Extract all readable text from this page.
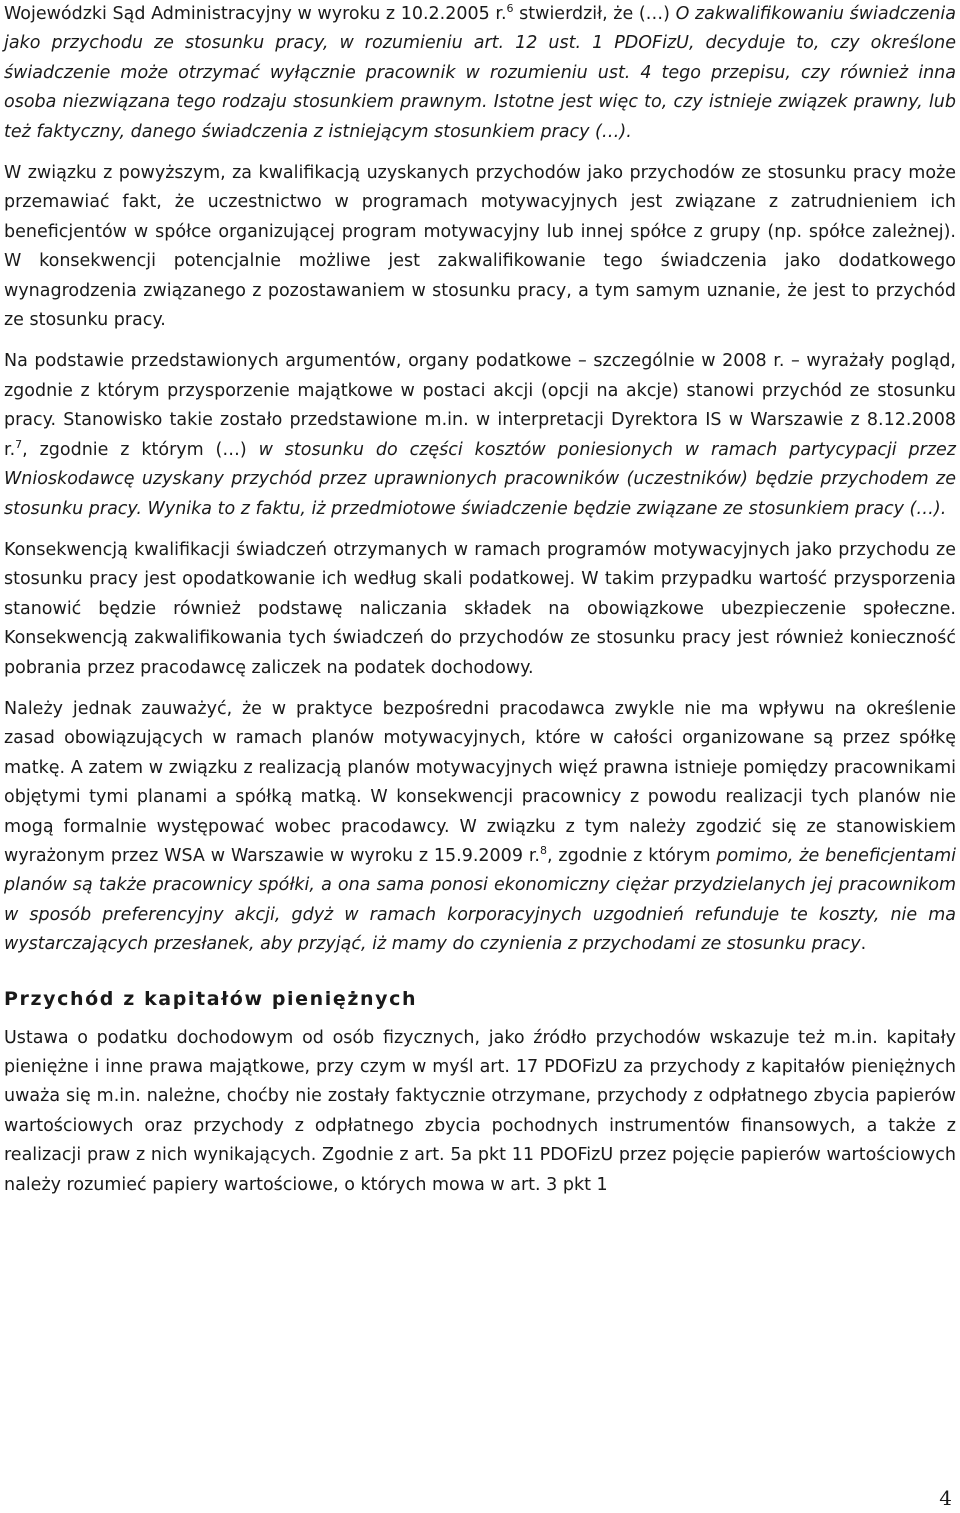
Wojewódzki Sąd Administracyjny w wyroku z 10.2.2005 r.$^6$ stwierdził, że (…) O zakwalifikowaniu świadczenia jako przychodu ze stosunku pracy, w rozumieniu art. 12 ust. 1 PDOFizU, decyduje to, czy określone świadczenie może otrzymać wyłącznie pracownik w rozumieniu ust. 4 tego przepisu, czy również inna osoba niezwiązana tego rodzaju stosunkiem prawnym. Istotne jest więc to, czy istnieje związek prawny, lub też faktyczny, danego świadczenia z istniejącym stosunkiem pracy (…).

W związku z powyższym, za kwalifikacją uzyskanych przychodów jako przychodów ze stosunku pracy może przemawiać fakt, że uczestnictwo w programach motywacyjnych jest związane z zatrudnieniem ich beneficjentów w spółce organizującej program motywacyjny lub innej spółce z grupy (np. spółce zależnej). W konsekwencji potencjalnie możliwe jest zakwalifikowanie tego świadczenia jako dodatkowego wynagrodzenia związanego z pozostawaniem w stosunku pracy, a tym samym uznanie, że jest to przychód ze stosunku pracy.

Na podstawie przedstawionych argumentów, organy podatkowe – szczególnie w 2008 r. – wyrażały pogląd, zgodnie z którym przysporzenie majątkowe w postaci akcji (opcji na akcje) stanowi przychód ze stosunku pracy. Stanowisko takie zostało przedstawione m.in. w interpretacji Dyrektora IS w Warszawie z 8.12.2008 r.$^7$, zgodnie z którym (…) w stosunku do części kosztów poniesionych w ramach partycypacji przez Wnioskodawcę uzyskany przychód przez uprawnionych pracowników (uczestników) będzie przychodem ze stosunku pracy. Wynika to z faktu, iż przedmiotowe świadczenie będzie związane ze stosunkiem pracy (…).

Konsekwencją kwalifikacji świadczeń otrzymanych w ramach programów motywacyjnych jako przychodu ze stosunku pracy jest opodatkowanie ich według skali podatkowej. W takim przypadku wartość przysporzenia stanowić będzie również podstawę naliczania składek na obowiązkowe ubezpieczenie społeczne. Konsekwencją zakwalifikowania tych świadczeń do przychodów ze stosunku pracy jest również konieczność pobrania przez pracodawcę zaliczek na podatek dochodowy.

Należy jednak zauważyć, że w praktyce bezpośredni pracodawca zwykle nie ma wpływu na określenie zasad obowiązujących w ramach planów motywacyjnych, które w całości organizowane są przez spółkę matkę. A zatem w związku z realizacją planów motywacyjnych więź prawna istnieje pomiędzy pracownikami objętymi tymi planami a spółką matką. W konsekwencji pracownicy z powodu realizacji tych planów nie mogą formalnie występować wobec pracodawcy. W związku z tym należy zgodzić się ze stanowiskiem wyrażonym przez WSA w Warszawie w wyroku z 15.9.2009 r.$^8$, zgodnie z którym pomimo, że beneficjentami planów są także pracownicy spółki, a ona sama ponosi ekonomiczny ciężar przydzielanych jej pracownikom w sposób preferencyjny akcji, gdyż w ramach korporacyjnych uzgodnień refunduje te koszty, nie ma wystarczających przesłanek, aby przyjąć, iż mamy do czynienia z przychodami ze stosunku pracy.

Przychód z kapitałów pieniężnych

Ustawa o podatku dochodowym od osób fizycznych, jako źródło przychodów wskazuje też m.in. kapitały pieniężne i inne prawa majątkowe, przy czym w myśl art. 17 PDOFizU za przychody z kapitałów pieniężnych uważa się m.in. należne, choćby nie zostały faktycznie otrzymane, przychody z odpłatnego zbycia papierów wartościowych oraz przychody z odpłatnego zbycia pochodnych instrumentów finansowych, a także z realizacji praw z nich wynikających. Zgodnie z art. 5a pkt 11 PDOFizU przez pojęcie papierów wartościowych należy rozumieć papiery wartościowe, o których mowa w art. 3 pkt 1

4
